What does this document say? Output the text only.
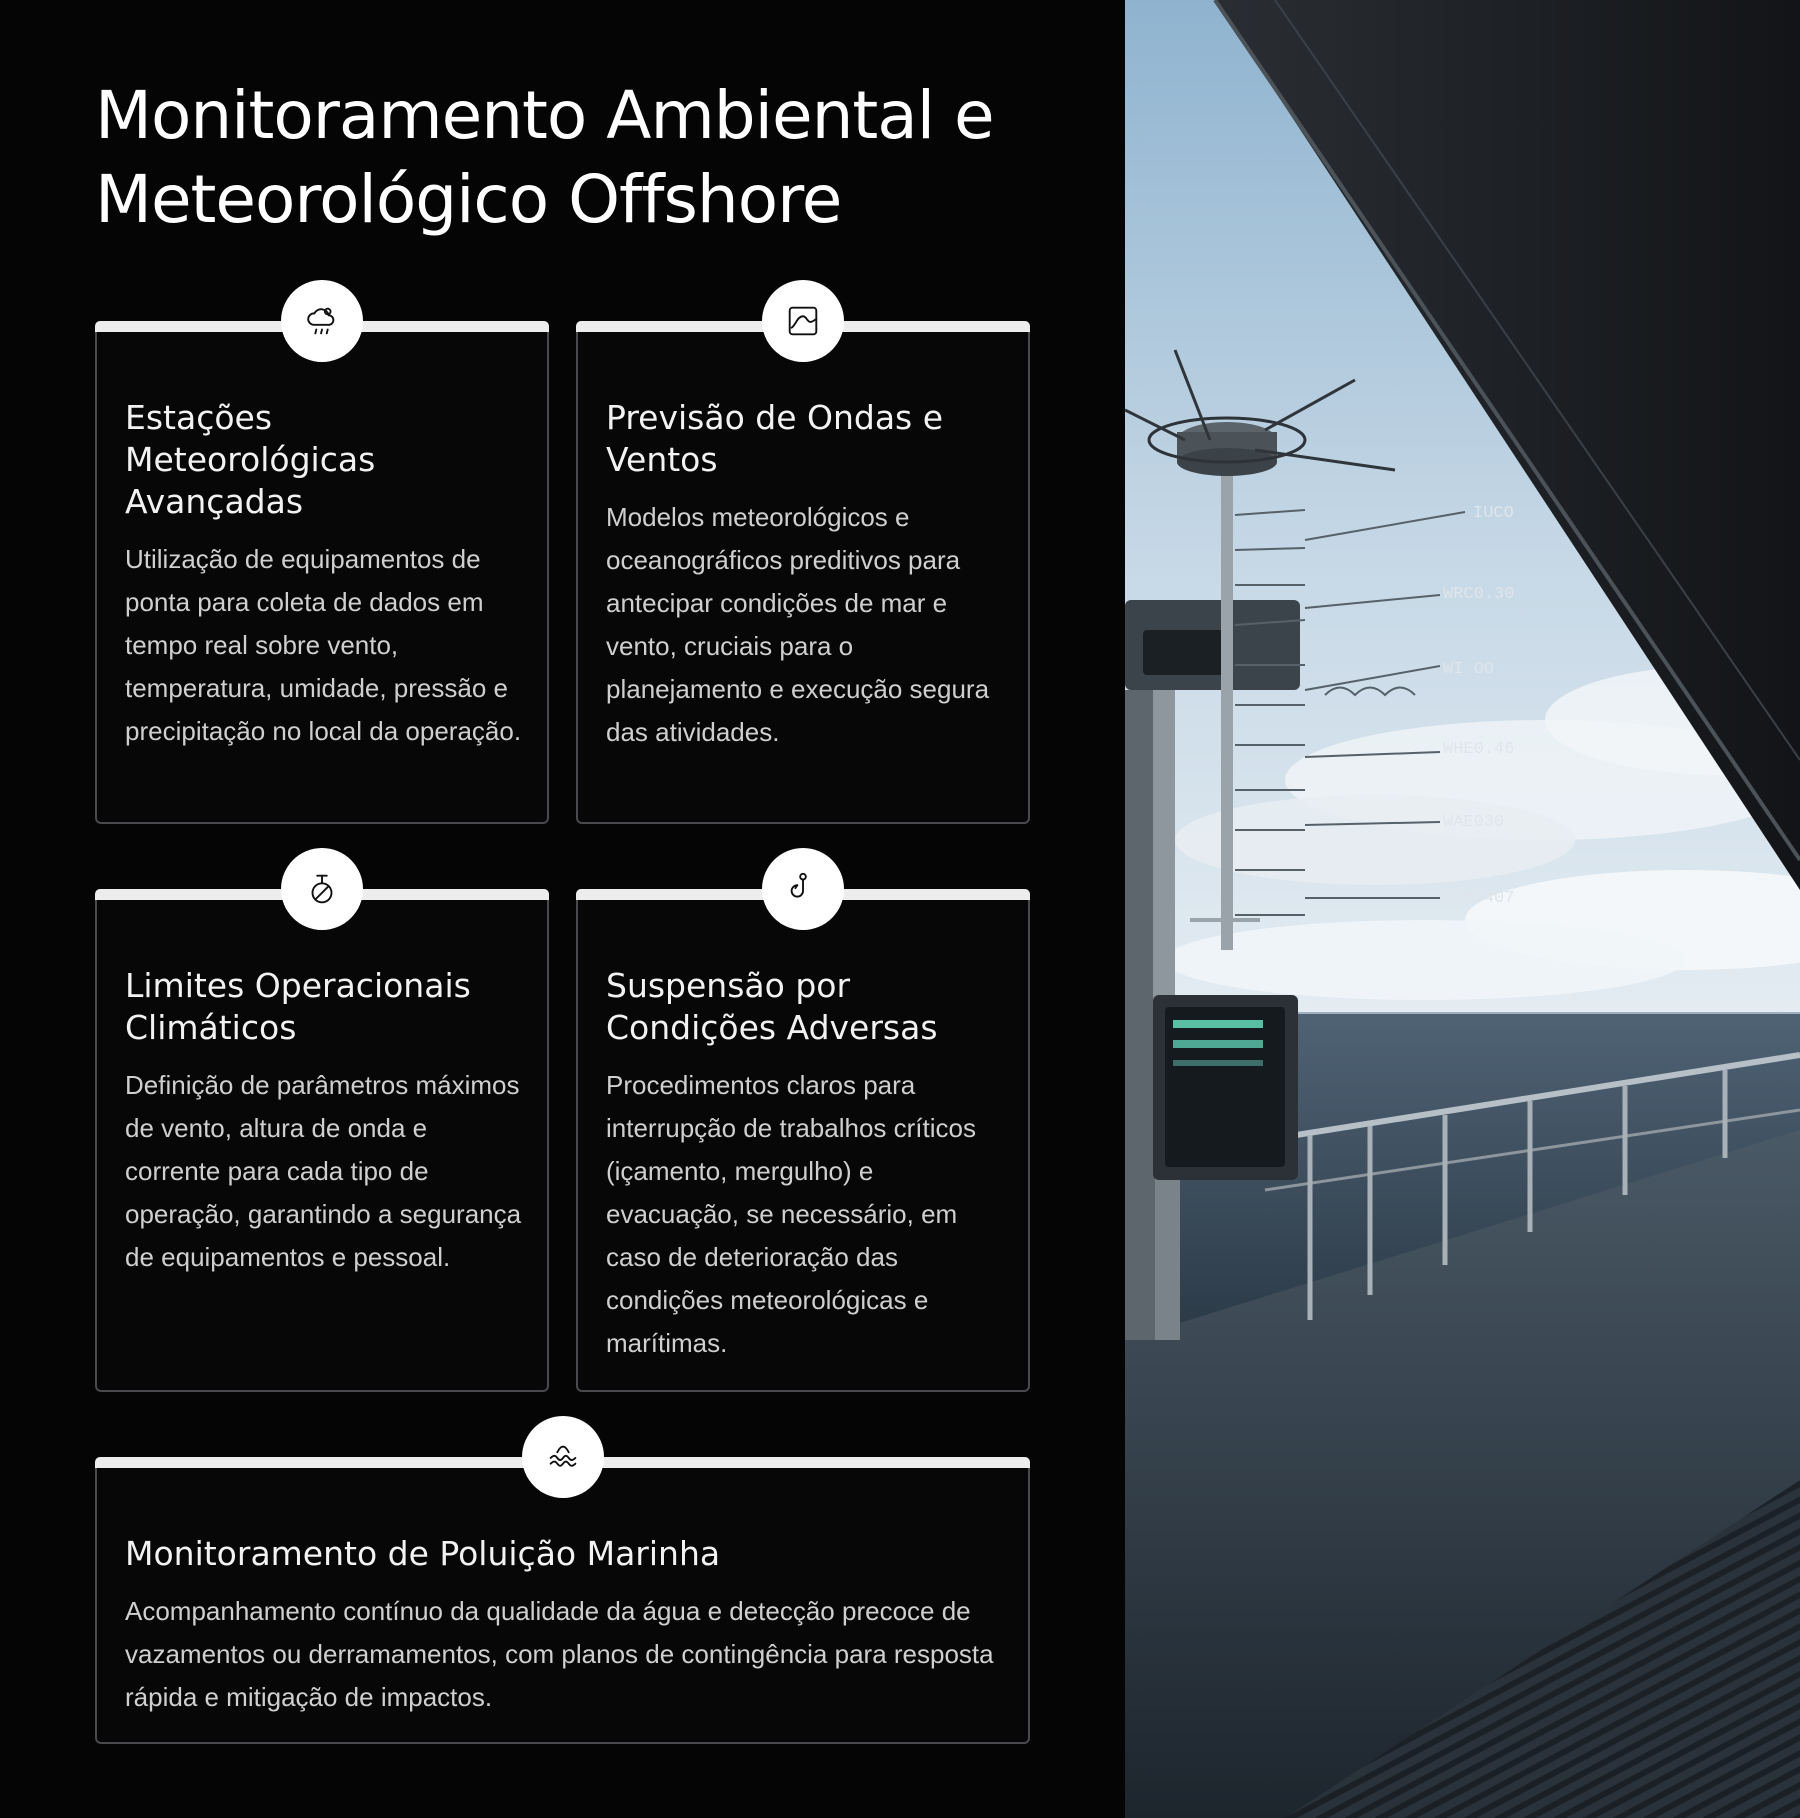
Monitoramento Ambiental e Meteorológico Offshore
Estações Meteorológicas Avançadas

Utilização de equipamentos de ponta para coleta de dados em tempo real sobre vento, temperatura, umidade, pressão e precipitação no local da operação.

Previsão de Ondas e Ventos

Modelos meteorológicos e oceanográficos preditivos para antecipar condições de mar e vento, cruciais para o planejamento e execução segura das atividades.

Limites Operacionais Climáticos

Definição de parâmetros máximos de vento, altura de onda e corrente para cada tipo de operação, garantindo a segurança de equipamentos e pessoal.

Suspensão por Condições Adversas

Procedimentos claros para interrupção de trabalhos críticos (içamento, mergulho) e evacuação, se necessário, em caso de deterioração das condições meteorológicas e marítimas.

Monitoramento de Poluição Marinha

Acompanhamento contínuo da qualidade da água e detecção precoce de vazamentos ou derramamentos, com planos de contingência para resposta rápida e mitigação de impactos.

ΙUCO
WRC0.30
WI OO
WHE0.46
WAE030
0203407
